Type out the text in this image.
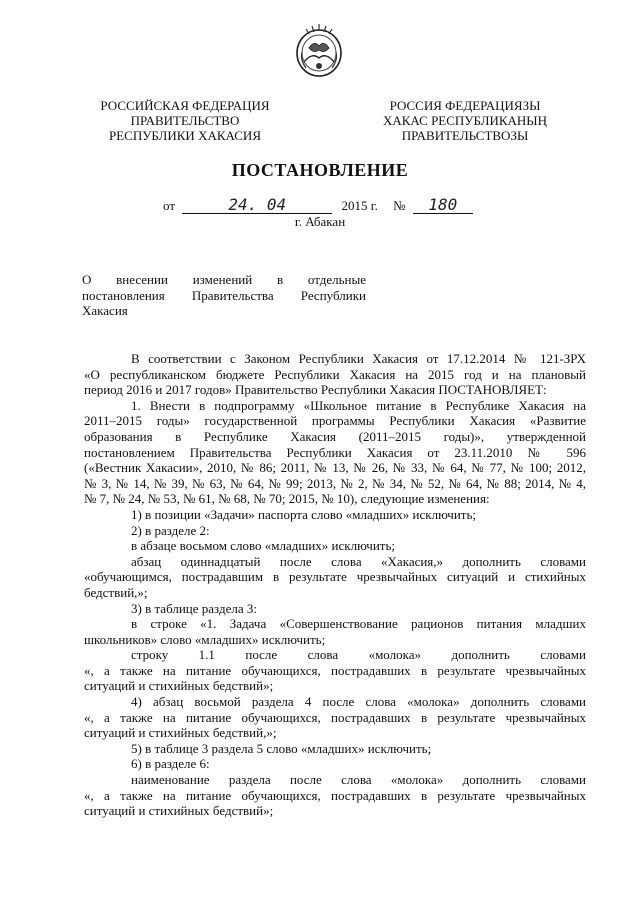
РОССИЙСКАЯ ФЕДЕРАЦИЯ
ПРАВИТЕЛЬСТВО
РЕСПУБЛИКИ ХАКАСИЯ
РОССИЯ ФЕДЕРАЦИЯЗЫ
ХАКАС РЕСПУБЛИКАНЫҢ
ПРАВИТЕЛЬСТВОЗЫ
ПОСТАНОВЛЕНИЕ
от	24. 04	2015 г. № 180
г. Абакан
О внесении изменений в отдельные
постановления Правительства Республики
Хакасия
В соответствии с Законом Республики Хакасия от 17.12.2014 № 121-ЗРХ
«О республиканском бюджете Республики Хакасия на 2015 год и на плановый
период 2016 и 2017 годов» Правительство Республики Хакасия ПОСТАНОВЛЯЕТ:
1. Внести в подпрограмму «Школьное питание в Республике Хакасия на
2011–2015 годы» государственной программы Республики Хакасия «Развитие
образования в Республике Хакасия (2011–2015 годы)», утвержденной
постановлением Правительства Республики Хакасия от 23.11.2010 № 596
(«Вестник Хакасии», 2010, № 86; 2011, № 13, № 26, № 33, № 64, № 77, № 100; 2012,
№ 3, № 14, № 39, № 63, № 64, № 99; 2013, № 2, № 34, № 52, № 64, № 88; 2014, № 4,
№ 7, № 24, № 53, № 61, № 68, № 70; 2015, № 10), следующие изменения:
1) в позиции «Задачи» паспорта слово «младших» исключить;
2) в разделе 2:
в абзаце восьмом слово «младших» исключить;
абзац одиннадцатый после слова «Хакасия,» дополнить словами
«обучающимся, пострадавшим в результате чрезвычайных ситуаций и стихийных
бедствий,»;
3) в таблице раздела 3:
в строке «1. Задача «Совершенствование рационов питания младших
школьников» слово «младших» исключить;
строку 1.1 после слова «молока» дополнить словами
«, а также на питание обучающихся, пострадавших в результате чрезвычайных
ситуаций и стихийных бедствий»;
4) абзац восьмой раздела 4 после слова «молока» дополнить словами
«, а также на питание обучающихся, пострадавших в результате чрезвычайных
ситуаций и стихийных бедствий,»;
5) в таблице 3 раздела 5 слово «младших» исключить;
6) в разделе 6:
наименование раздела после слова «молока» дополнить словами
«, а также на питание обучающихся, пострадавших в результате чрезвычайных
ситуаций и стихийных бедствий»;
